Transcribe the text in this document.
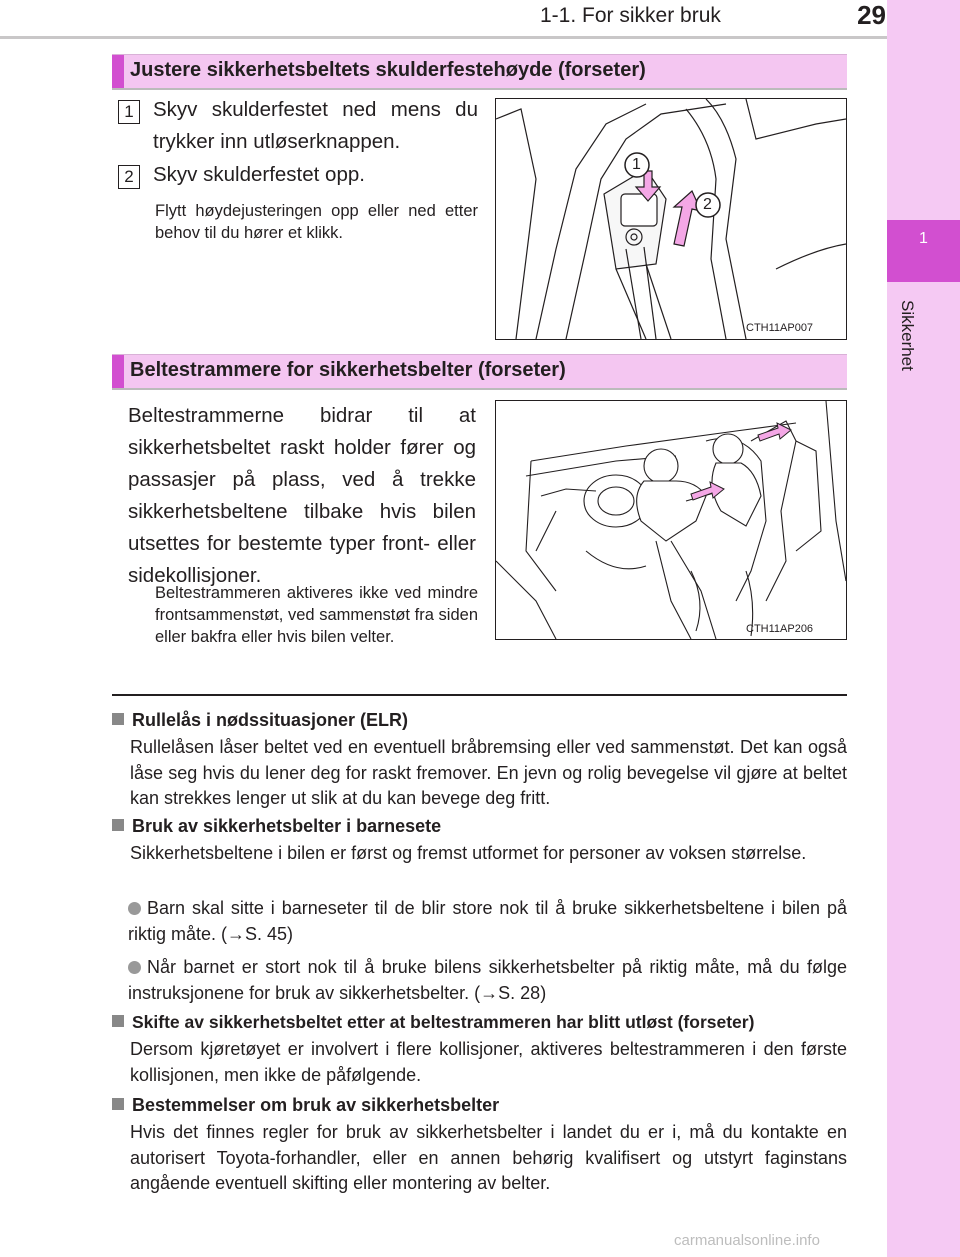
1-1. For sikker bruk	29
1
Sikkerhet
Justere sikkerhetsbeltets skulderfestehøyde (forseter)
1 Skyv skulderfestet ned mens du trykker inn utløserknappen.
2 Skyv skulderfestet opp.
Flytt høydejusteringen opp eller ned etter behov til du hører et klikk.
1
2
CTH11AP007
Beltestrammere for sikkerhetsbelter (forseter)
Beltestrammerne bidrar til at sikkerhetsbeltet raskt holder fører og passasjer på plass, ved å trekke sikkerhetsbeltene tilbake hvis bilen utsettes for bestemte typer front- eller sidekollisjoner.
Beltestrammeren aktiveres ikke ved mindre frontsammenstøt, ved sammenstøt fra siden eller bakfra eller hvis bilen velter.	CTH11AP206
Rullelås i nødssituasjoner (ELR)
Rullelåsen låser beltet ved en eventuell bråbremsing eller ved sammenstøt. Det kan også låse seg hvis du lener deg for raskt fremover. En jevn og rolig bevegelse vil gjøre at beltet kan strekkes lenger ut slik at du kan bevege deg fritt.
Bruk av sikkerhetsbelter i barnesete
Sikkerhetsbeltene i bilen er først og fremst utformet for personer av voksen størrelse.
Barn skal sitte i barneseter til de blir store nok til å bruke sikkerhetsbeltene i bilen på riktig måte. (→S. 45)
Når barnet er stort nok til å bruke bilens sikkerhetsbelter på riktig måte, må du følge instruksjonene for bruk av sikkerhetsbelter. (→S. 28)
Skifte av sikkerhetsbeltet etter at beltestrammeren har blitt utløst (forseter)
Dersom kjøretøyet er involvert i flere kollisjoner, aktiveres beltestrammeren i den første kollisjonen, men ikke de påfølgende.
Bestemmelser om bruk av sikkerhetsbelter
Hvis det finnes regler for bruk av sikkerhetsbelter i landet du er i, må du kontakte en autorisert Toyota-forhandler, eller en annen behørig kvalifisert og utstyrt faginstans angående eventuell skifting eller montering av belter.
carmanualsonline.info
